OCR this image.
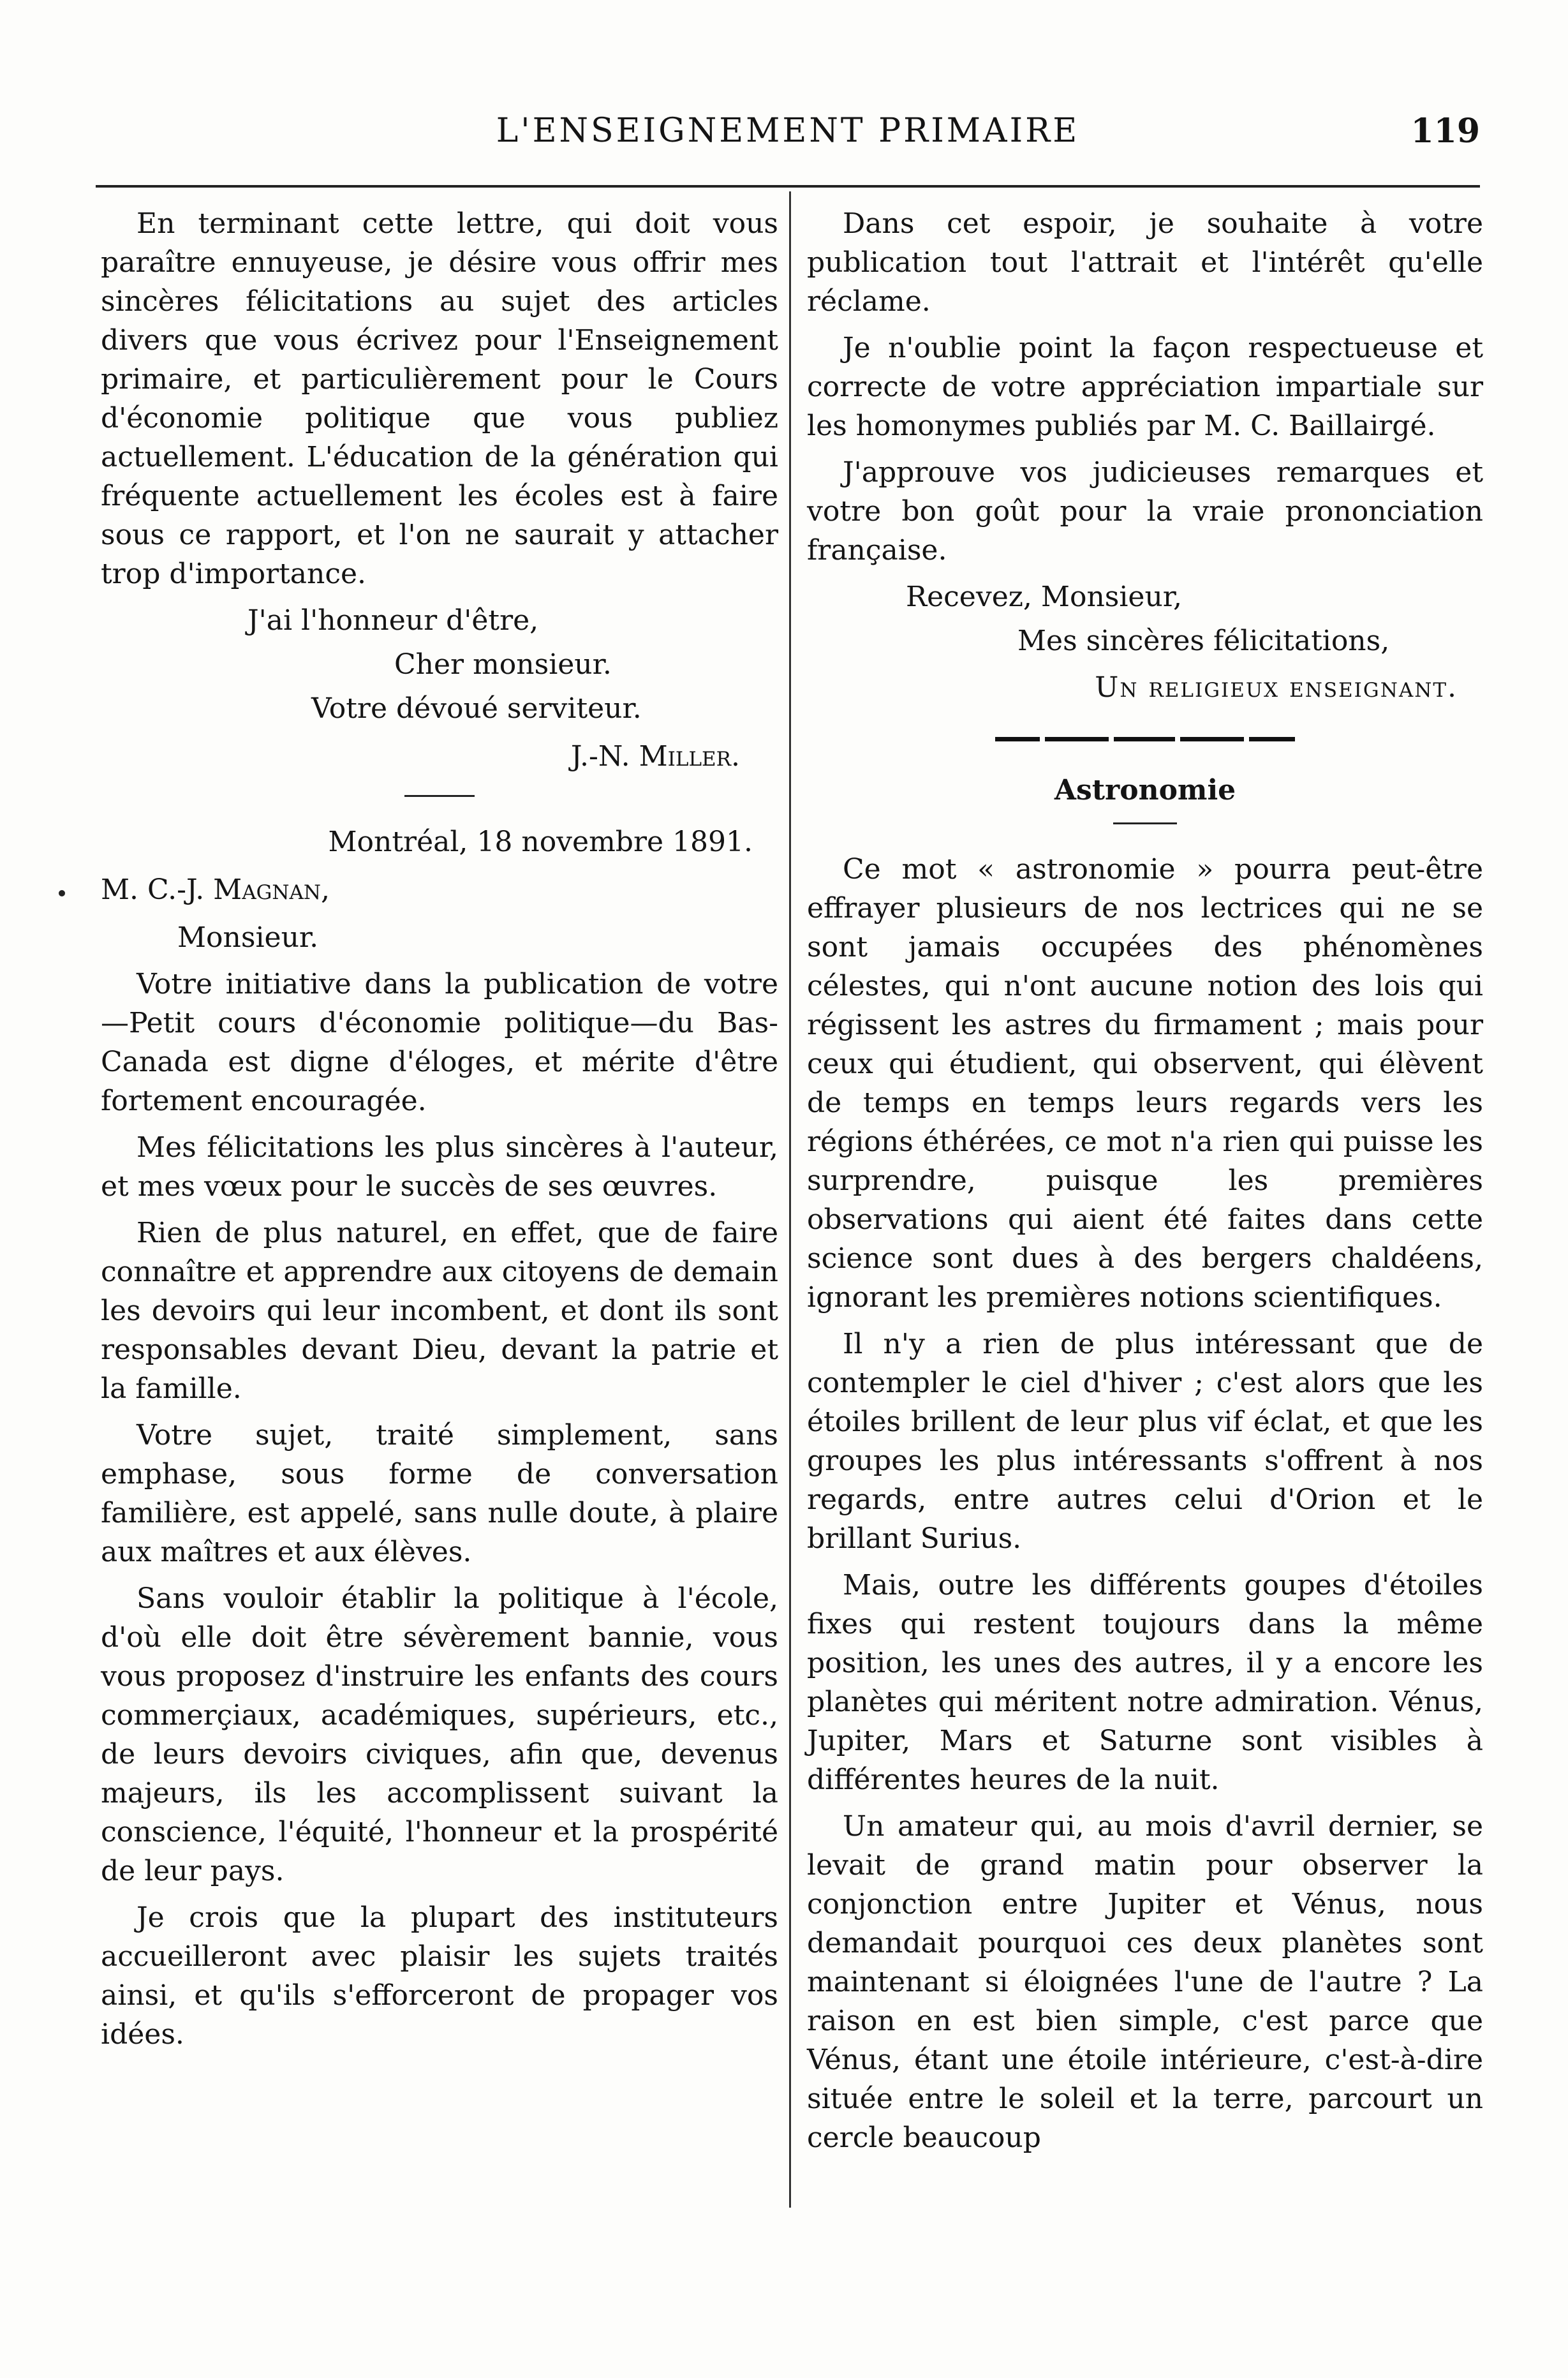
L'ENSEIGNEMENT PRIMAIRE	119

En terminant cette lettre, qui doit vous paraître ennuyeuse, je désire vous offrir mes sincères félicitations au sujet des articles divers que vous écrivez pour l'Enseignement primaire, et particulièrement pour le Cours d'économie politique que vous publiez actuellement. L'éducation de la génération qui fréquente actuellement les écoles est à faire sous ce rapport, et l'on ne saurait y attacher trop d'importance.

J'ai l'honneur d'être,

Cher monsieur.

Votre dévoué serviteur.

J.-N. Miller.

Montréal, 18 novembre 1891.

M. C.-J. Magnan,

Monsieur.

Votre initiative dans la publication de votre —Petit cours d'économie politique—du Bas-Canada est digne d'éloges, et mérite d'être fortement encouragée.

Mes félicitations les plus sincères à l'auteur, et mes vœux pour le succès de ses œuvres.

Rien de plus naturel, en effet, que de faire connaître et apprendre aux citoyens de demain les devoirs qui leur incombent, et dont ils sont responsables devant Dieu, devant la patrie et la famille.

Votre sujet, traité simplement, sans emphase, sous forme de conversation familière, est appelé, sans nulle doute, à plaire aux maîtres et aux élèves.

Sans vouloir établir la politique à l'école, d'où elle doit être sévèrement bannie, vous vous proposez d'instruire les enfants des cours commerçiaux, académiques, supérieurs, etc., de leurs devoirs civiques, afin que, devenus majeurs, ils les accomplissent suivant la conscience, l'équité, l'honneur et la prospérité de leur pays.

Je crois que la plupart des instituteurs accueilleront avec plaisir les sujets traités ainsi, et qu'ils s'efforceront de propager vos idées.

Dans cet espoir, je souhaite à votre publication tout l'attrait et l'intérêt qu'elle réclame.

Je n'oublie point la façon respectueuse et correcte de votre appréciation impartiale sur les homonymes publiés par M. C. Baillairgé.

J'approuve vos judicieuses remarques et votre bon goût pour la vraie prononciation française.

Recevez, Monsieur,

Mes sincères félicitations,

Un religieux enseignant.

Astronomie

Ce mot « astronomie » pourra peut-être effrayer plusieurs de nos lectrices qui ne se sont jamais occupées des phénomènes célestes, qui n'ont aucune notion des lois qui régissent les astres du firmament ; mais pour ceux qui étudient, qui observent, qui élèvent de temps en temps leurs regards vers les régions éthérées, ce mot n'a rien qui puisse les surprendre, puisque les premières observations qui aient été faites dans cette science sont dues à des bergers chaldéens, ignorant les premières notions scientifiques.

Il n'y a rien de plus intéressant que de contempler le ciel d'hiver ; c'est alors que les étoiles brillent de leur plus vif éclat, et que les groupes les plus intéressants s'offrent à nos regards, entre autres celui d'Orion et le brillant Surius.

Mais, outre les différents goupes d'étoiles fixes qui restent toujours dans la même position, les unes des autres, il y a encore les planètes qui méritent notre admiration. Vénus, Jupiter, Mars et Saturne sont visibles à différentes heures de la nuit.

Un amateur qui, au mois d'avril dernier, se levait de grand matin pour observer la conjonction entre Jupiter et Vénus, nous demandait pourquoi ces deux planètes sont maintenant si éloignées l'une de l'autre ? La raison en est bien simple, c'est parce que Vénus, étant une étoile intérieure, c'est-à-dire située entre le soleil et la terre, parcourt un cercle beaucoup
